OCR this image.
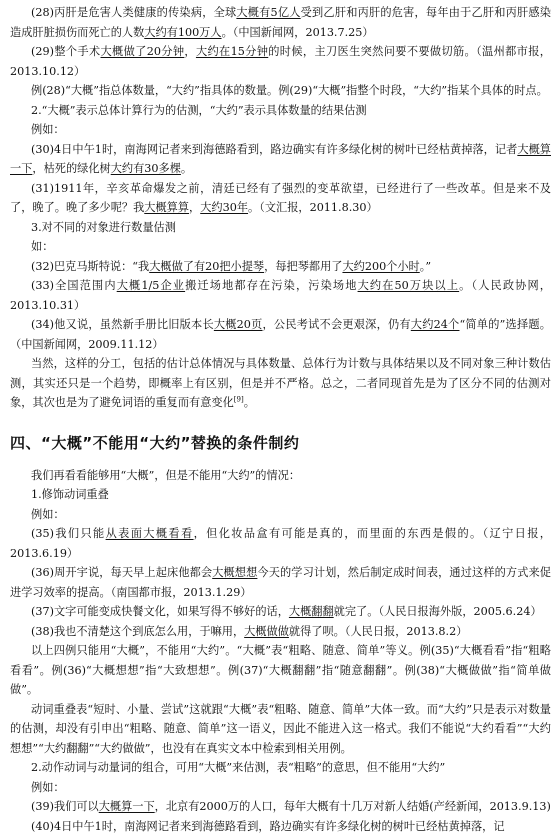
(28)丙肝是危害人类健康的传染病，全球大概有5亿人受到乙肝和丙肝的危害，每年由于乙肝和丙肝感染造成肝脏损伤而死亡的人数大约有100万人。（中国新闻网，2013.7.25）

(29)整个手术大概做了20分钟，大约在15分钟的时候，主刀医生突然问要不要做切筋。（温州都市报，2013.10.12）

例(28)“大概”指总体数量，“大约”指具体的数量。例(29)“大概”指整个时段，“大约”指某个具体的时点。

2.“大概”表示总体计算行为的估测，“大约”表示具体数量的结果估测

例如：

(30)4日中午1时，南海网记者来到海德路看到，路边确实有许多绿化树的树叶已经枯黄掉落，记者大概算一下，枯死的绿化树大约有30多棵。

(31)1911年，辛亥革命爆发之前，清廷已经有了强烈的变革欲望，已经进行了一些改革。但是来不及了，晚了。晚了多少呢？我大概算算，大约30年。（文汇报，2011.8.30）

3.对不同的对象进行数量估测

如：

(32)巴克马斯特说：“我大概做了有20把小提琴，每把琴都用了大约200个小时。”

(33)全国范围内大概1/5企业搬迁场地都存在污染，污染场地大约在50万块以上。（人民政协网，2013.10.31）

(34)他又说，虽然新手册比旧版本长大概20页，公民考试不会更艰深，仍有大约24个“简单的”选择题。（中国新闻网，2009.11.12）

当然，这样的分工，包括的估计总体情况与具体数量、总体行为计数与具体结果以及不同对象三种计数估测，其实还只是一个趋势，即概率上有区别，但是并不严格。总之，二者同现首先是为了区分不同的估测对象，其次也是为了避免词语的重复而有意变化[9]。

四、“大概”不能用“大约”替换的条件制约

我们再看看能够用“大概”，但是不能用“大约”的情况：

1.修饰动词重叠

例如：

(35)我们只能从表面大概看看，但化妆品盒有可能是真的，而里面的东西是假的。（辽宁日报，2013.6.19）

(36)周开宇说，每天早上起床他都会大概想想今天的学习计划，然后制定成时间表，通过这样的方式来促进学习效率的提高。（南国都市报，2013.1.29）

(37)文字可能变成快餐文化，如果写得不够好的话，大概翻翻就完了。（人民日报海外版，2005.6.24）

(38)我也不清楚这个到底怎么用，于嘛用，大概做做就得了呗。（人民日报，2013.8.2）

以上四例只能用“大概”，不能用“大约”。“大概”表“粗略、随意、简单”等义。例(35)“大概看看”指“粗略看看”。例(36)“大概想想”指“大致想想”。例(37)“大概翻翻”指“随意翻翻”。例(38)“大概做做”指“简单做做”。

动词重叠表“短时、小量、尝试”这就跟“大概”表“粗略、随意、简单”大体一致。而“大约”只是表示对数量的估测，却没有引申出“粗略、随意、简单”这一语义，因此不能进入这一格式。我们不能说“大约看看”“大约想想”“大约翻翻”“大约做做”，也没有在真实文本中检索到相关用例。

2.动作动词与动量词的组合，可用“大概”来估测，表“粗略”的意思，但不能用“大约”

例如：

(39)我们可以大概算一下，北京有2000万的人口，每年大概有十几万对新人结婚(产经新闻，2013.9.13)

(40)4日中午1时，南海网记者来到海德路看到，路边确实有许多绿化树的树叶已经枯黄掉落，记
